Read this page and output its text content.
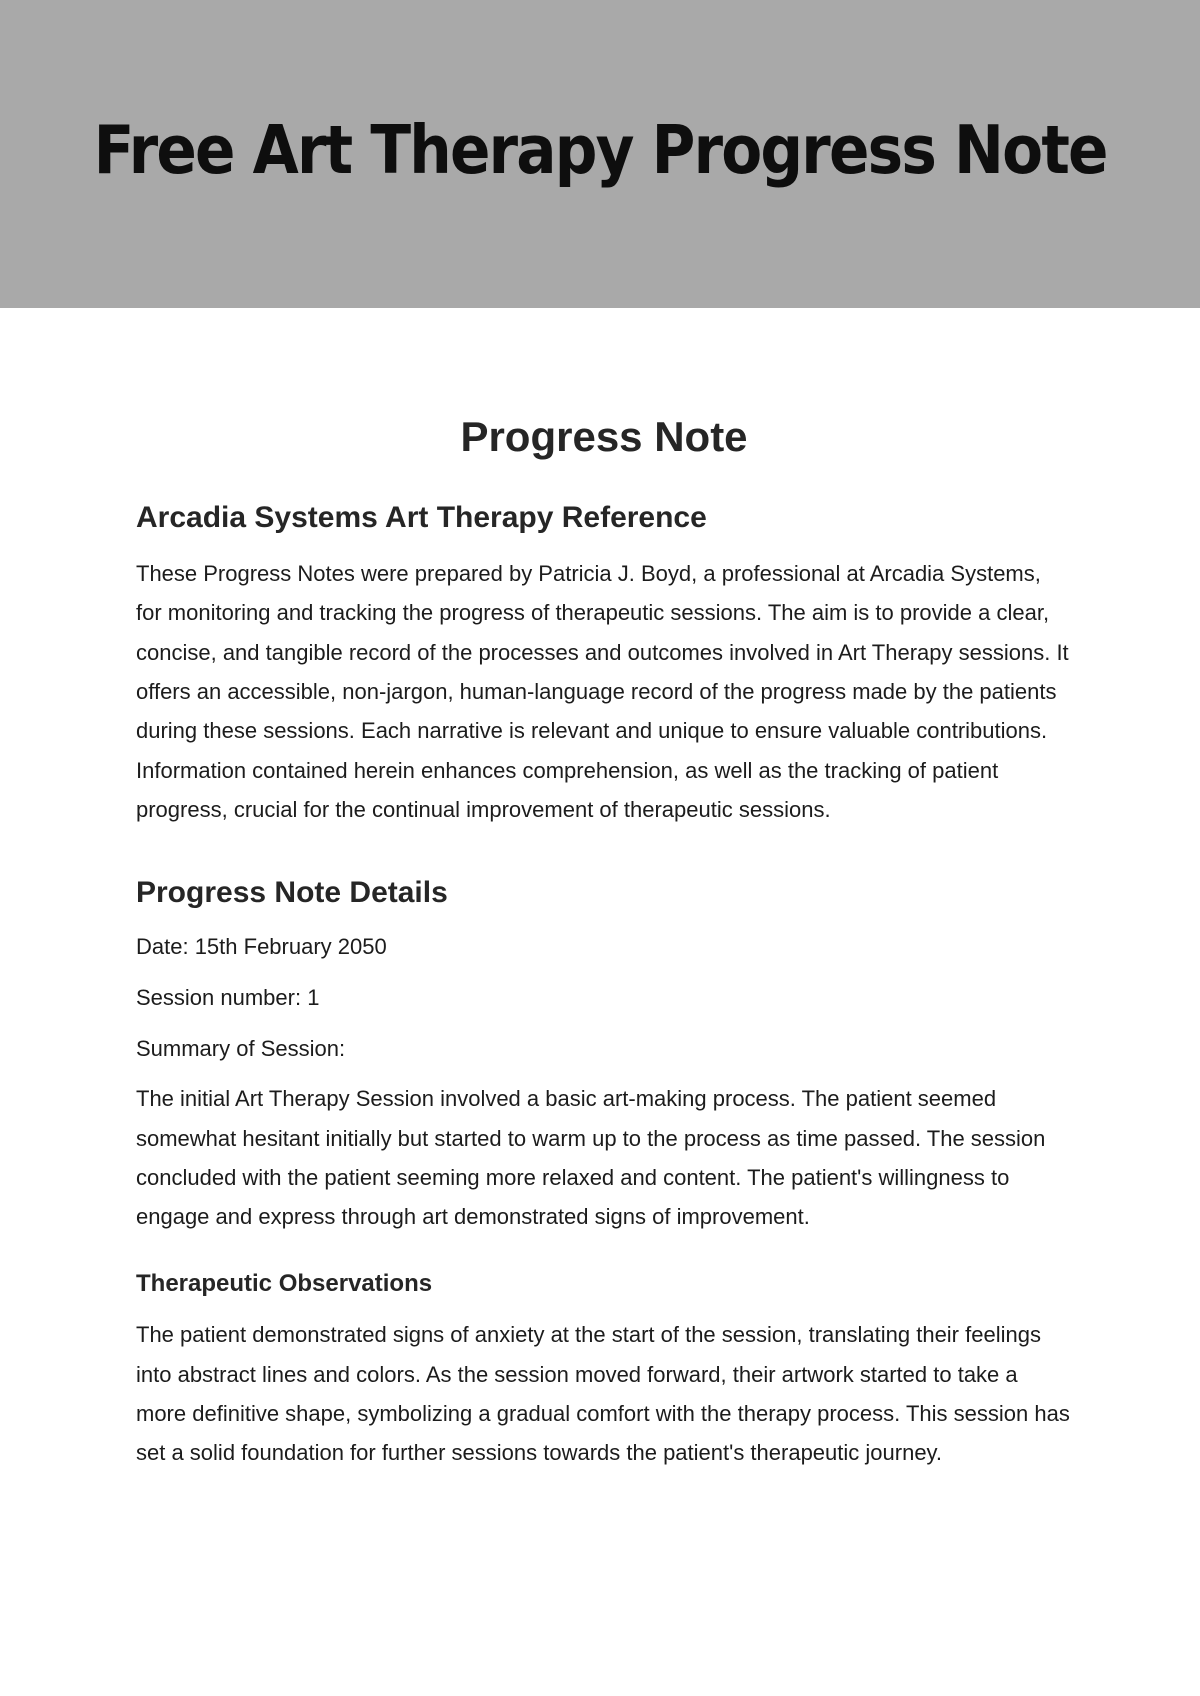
Free Art Therapy Progress Note
Progress Note
Arcadia Systems Art Therapy Reference

These Progress Notes were prepared by Patricia J. Boyd, a professional at Arcadia Systems, for monitoring and tracking the progress of therapeutic sessions. The aim is to provide a clear, concise, and tangible record of the processes and outcomes involved in Art Therapy sessions. It offers an accessible, non-jargon, human-language record of the progress made by the patients during these sessions. Each narrative is relevant and unique to ensure valuable contributions. Information contained herein enhances comprehension, as well as the tracking of patient progress, crucial for the continual improvement of therapeutic sessions.

Progress Note Details

Date: 15th February 2050

Session number: 1

Summary of Session:

The initial Art Therapy Session involved a basic art-making process. The patient seemed somewhat hesitant initially but started to warm up to the process as time passed. The session concluded with the patient seeming more relaxed and content. The patient's willingness to engage and express through art demonstrated signs of improvement.

Therapeutic Observations

The patient demonstrated signs of anxiety at the start of the session, translating their feelings into abstract lines and colors. As the session moved forward, their artwork started to take a more definitive shape, symbolizing a gradual comfort with the therapy process. This session has set a solid foundation for further sessions towards the patient's therapeutic journey.
